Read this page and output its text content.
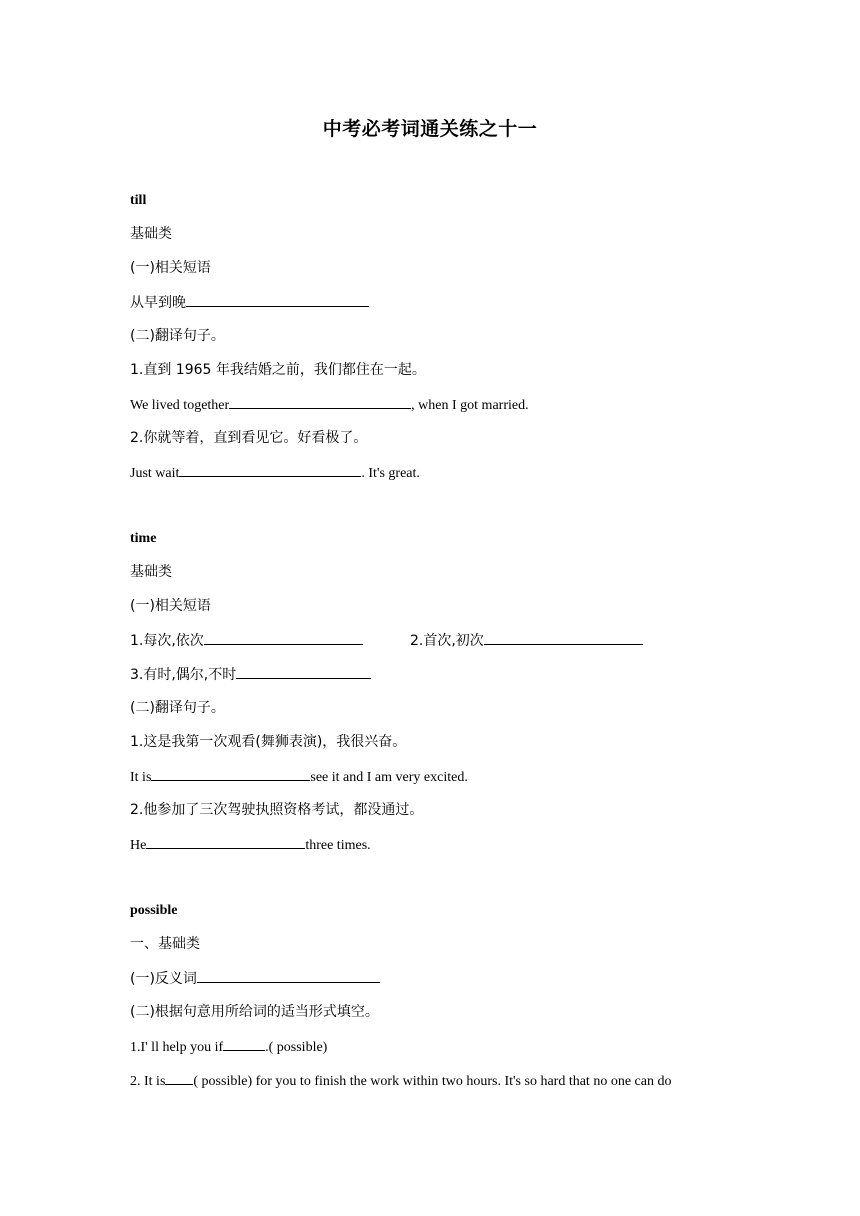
中考必考词通关练之十一
till
基础类
(一)相关短语
从早到晚
(二)翻译句子。
1.直到 1965 年我结婚之前，我们都住在一起。
We lived together	, when I got married.
2.你就等着，直到看见它。好看极了。
Just wait	. It's great.
time
基础类
(一)相关短语
1.每次,依次	2.首次,初次
3.有时,偶尔,不时
(二)翻译句子。
1.这是我第一次观看(舞狮表演)，我很兴奋。
It is	see it and I am very excited.
2.他参加了三次驾驶执照资格考试，都没通过。
He	three times.
possible
一、基础类
(一)反义词
(二)根据句意用所给词的适当形式填空。
1.I' ll help you if	.( possible)
2. It is ( possible) for you to finish the work within two hours. It's so hard that no one can do
